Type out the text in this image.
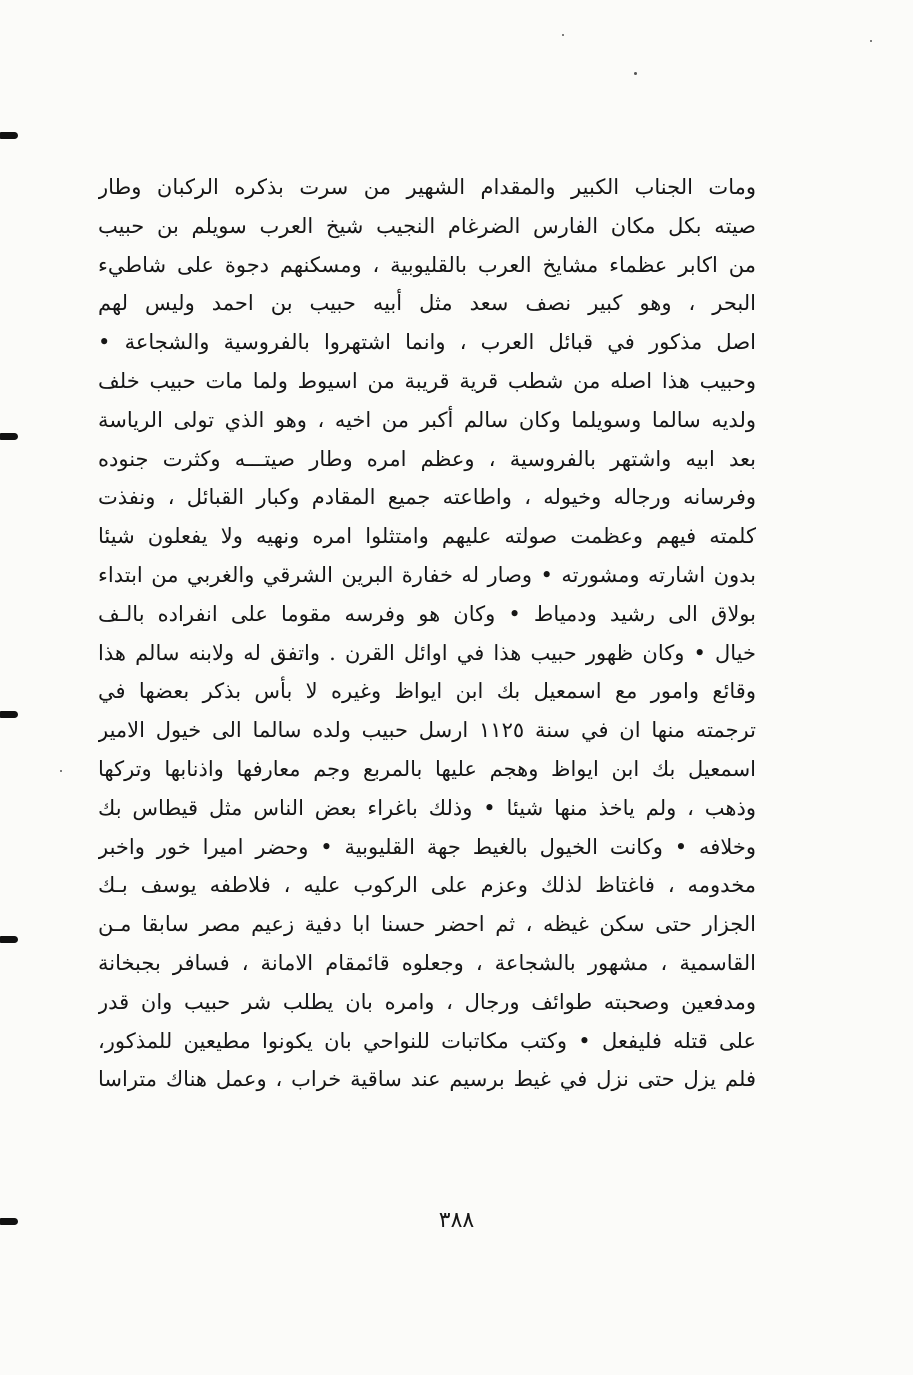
ومات الجناب الكبير والمقدام الشهير من سرت بذكره الركبان وطار
صيته بكل مكان الفارس الضرغام النجيب شيخ العرب سويلم بن حبيب
من اكابر عظماء مشايخ العرب بالقليوبية ، ومسكنهم دجوة على شاطيء
البحر ، وهو كبير نصف سعد مثل أبيه حبيب بن احمد وليس لهم
اصل مذكور في قبائل العرب ، وانما اشتهروا بالفروسية والشجاعة •
وحبيب هذا اصله من شطب قرية قريبة من اسيوط ولما مات حبيب خلف
ولديه سالما وسويلما وكان سالم أكبر من اخيه ، وهو الذي تولى الرياسة
بعد ابيه واشتهر بالفروسية ، وعظم امره وطار صيتـــه وكثرت جنوده
وفرسانه ورجاله وخيوله ، واطاعته جميع المقادم وكبار القبائل ، ونفذت
كلمته فيهم وعظمت صولته عليهم وامتثلوا امره ونهيه ولا يفعلون شيئا
بدون اشارته ومشورته • وصار له خفارة البرين الشرقي والغربي من ابتداء
بولاق الى رشيد ودمياط • وكان هو وفرسه مقوما على انفراده بالـف
خيال • وكان ظهور حبيب هذا في اوائل القرن . واتفق له ولابنه سالم هذا
وقائع وامور مع اسمعيل بك ابن ايواظ وغيره لا بأس بذكر بعضها في
ترجمته منها ان في سنة ١١٢٥ ارسل حبيب ولده سالما الى خيول الامير
اسمعيل بك ابن ايواظ وهجم عليها بالمربع وجم معارفها واذنابها وتركها
وذهب ، ولم ياخذ منها شيئا • وذلك باغراء بعض الناس مثل قيطاس بك
وخلافه • وكانت الخيول بالغيط جهة القليوبية • وحضر اميرا خور واخبر
مخدومه ، فاغتاظ لذلك وعزم على الركوب عليه ، فلاطفه يوسف بـك
الجزار حتى سكن غيظه ، ثم احضر حسنا ابا دفية زعيم مصر سابقا مـن
القاسمية ، مشهور بالشجاعة ، وجعلوه قائمقام الامانة ، فسافر بجبخانة
ومدفعين وصحبته طوائف ورجال ، وامره بان يطلب شر حبيب وان قدر
على قتله فليفعل • وكتب مكاتبات للنواحي بان يكونوا مطيعين للمذكور،
فلم يزل حتى نزل في غيط برسيم عند ساقية خراب ، وعمل هناك متراسا
٣٨٨
